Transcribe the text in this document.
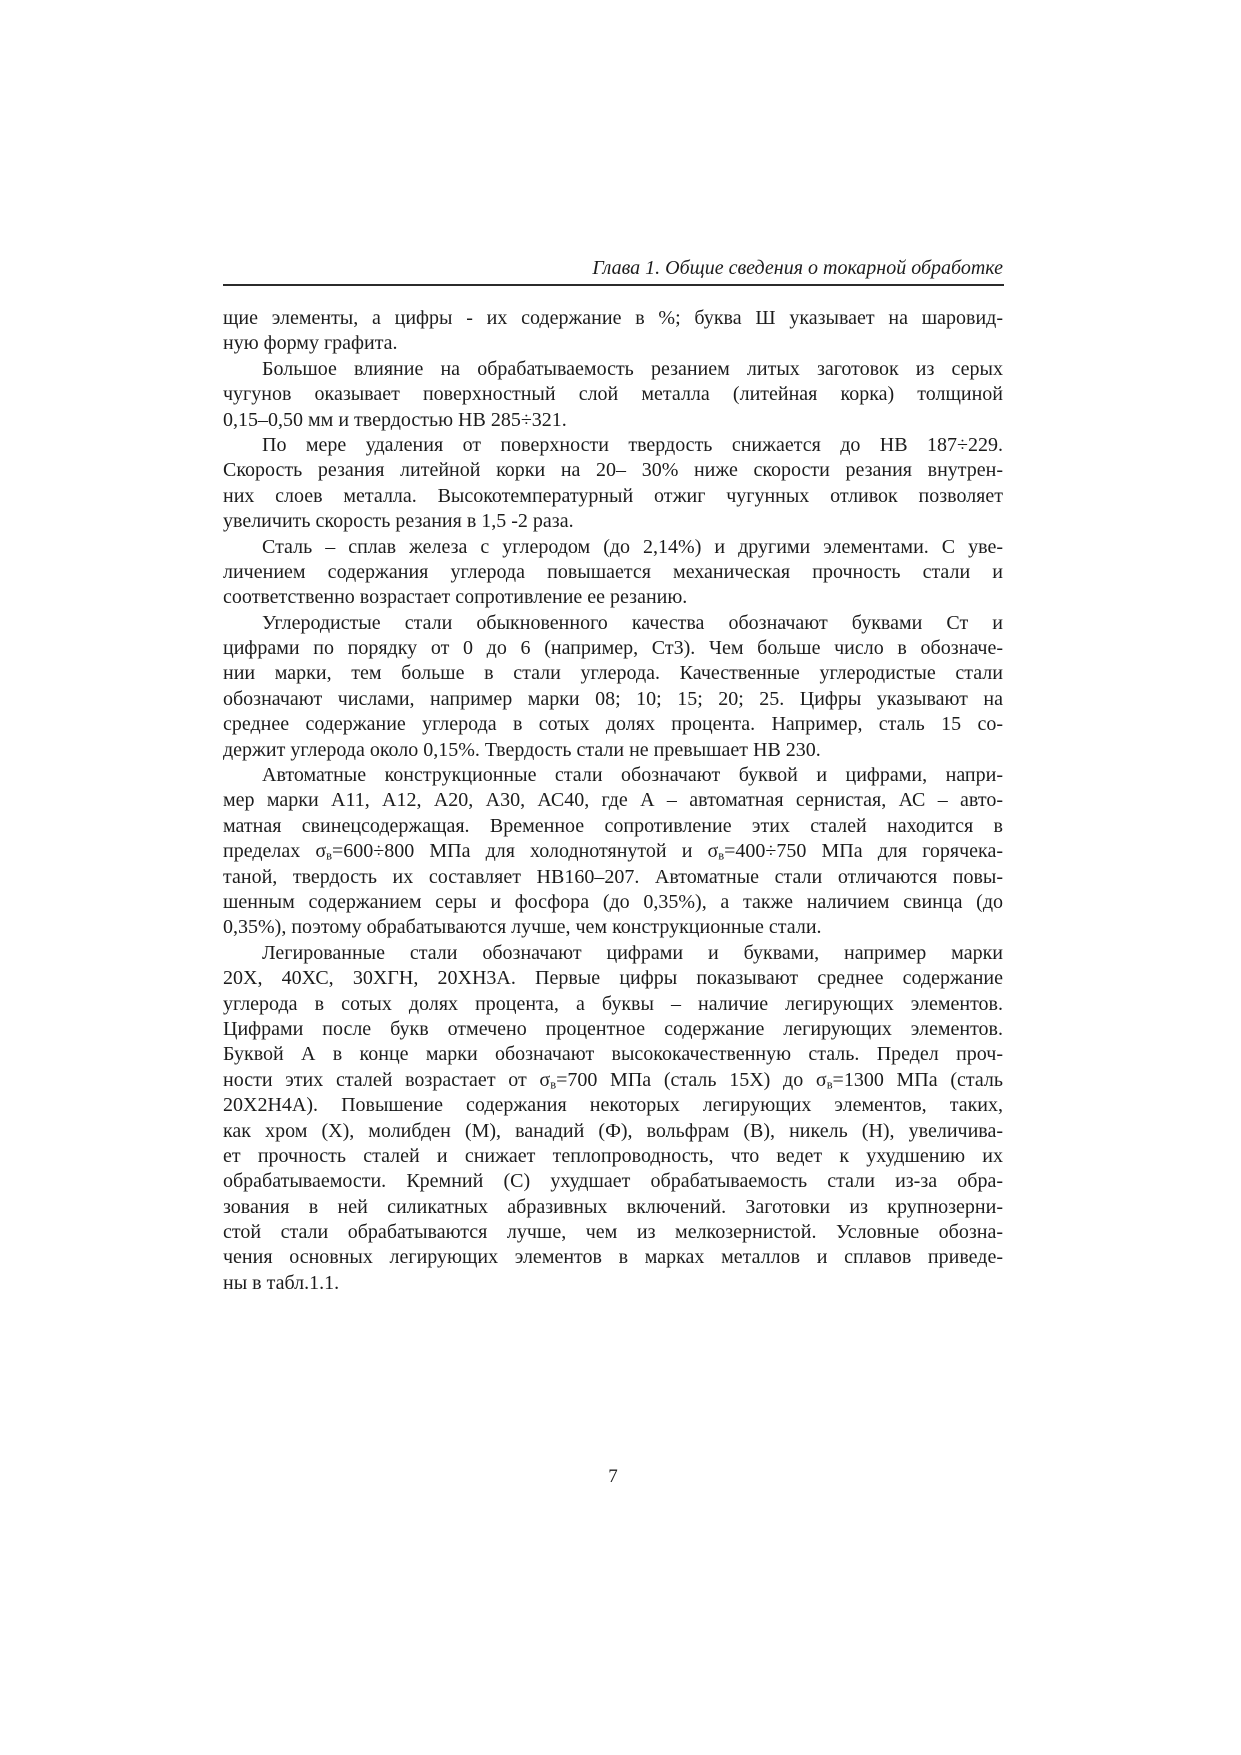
Глава 1. Общие сведения о токарной обработке
щие элементы, а цифры - их содержание в %; буква Ш указывает на шаровид-
ную форму графита.
Большое влияние на обрабатываемость резанием литых заготовок из серых
чугунов оказывает поверхностный слой металла (литейная корка) толщиной
0,15–0,50 мм и твердостью НВ 285÷321.
По мере удаления от поверхности твердость снижается до НВ 187÷229.
Скорость резания литейной корки на 20– 30% ниже скорости резания внутрен-
них слоев металла. Высокотемпературный отжиг чугунных отливок позволяет
увеличить скорость резания в 1,5 -2 раза.
Сталь – сплав железа с углеродом (до 2,14%) и другими элементами. С уве-
личением содержания углерода повышается механическая прочность стали и
соответственно возрастает сопротивление ее резанию.
Углеродистые стали обыкновенного качества обозначают буквами Ст и
цифрами по порядку от 0 до 6 (например, Ст3). Чем больше число в обозначе-
нии марки, тем больше в стали углерода. Качественные углеродистые стали
обозначают числами, например марки 08; 10; 15; 20; 25. Цифры указывают на
среднее содержание углерода в сотых долях процента. Например, сталь 15 со-
держит углерода около 0,15%. Твердость стали не превышает НВ 230.
Автоматные конструкционные стали обозначают буквой и цифрами, напри-
мер марки А11, А12, А20, А30, АС40, где А – автоматная сернистая, АС – авто-
матная свинецсодержащая. Временное сопротивление этих сталей находится в
пределах $\sigma_в=600\div 800$ МПа для холоднотянутой и $\sigma_в=400\div 750$ МПа для горячека-
таной, твердость их составляет НВ160–207. Автоматные стали отличаются повы-
шенным содержанием серы и фосфора (до 0,35%), а также наличием свинца (до
0,35%), поэтому обрабатываются лучше, чем конструкционные стали.
Легированные стали обозначают цифрами и буквами, например марки
20Х, 40ХС, 30ХГН, 20ХН3А. Первые цифры показывают среднее содержание
углерода в сотых долях процента, а буквы – наличие легирующих элементов.
Цифрами после букв отмечено процентное содержание легирующих элементов.
Буквой А в конце марки обозначают высококачественную сталь. Предел проч-
ности этих сталей возрастает от $\sigma_в=700$ МПа (сталь 15Х) до $\sigma_в=1300$ МПа (сталь
20Х2Н4А). Повышение содержания некоторых легирующих элементов, таких,
как хром (Х), молибден (М), ванадий (Ф), вольфрам (В), никель (Н), увеличива-
ет прочность сталей и снижает теплопроводность, что ведет к ухудшению их
обрабатываемости. Кремний (С) ухудшает обрабатываемость стали из-за обра-
зования в ней силикатных абразивных включений. Заготовки из крупнозерни-
стой стали обрабатываются лучше, чем из мелкозернистой. Условные обозна-
чения основных легирующих элементов в марках металлов и сплавов приведе-
ны в табл.1.1.
7
